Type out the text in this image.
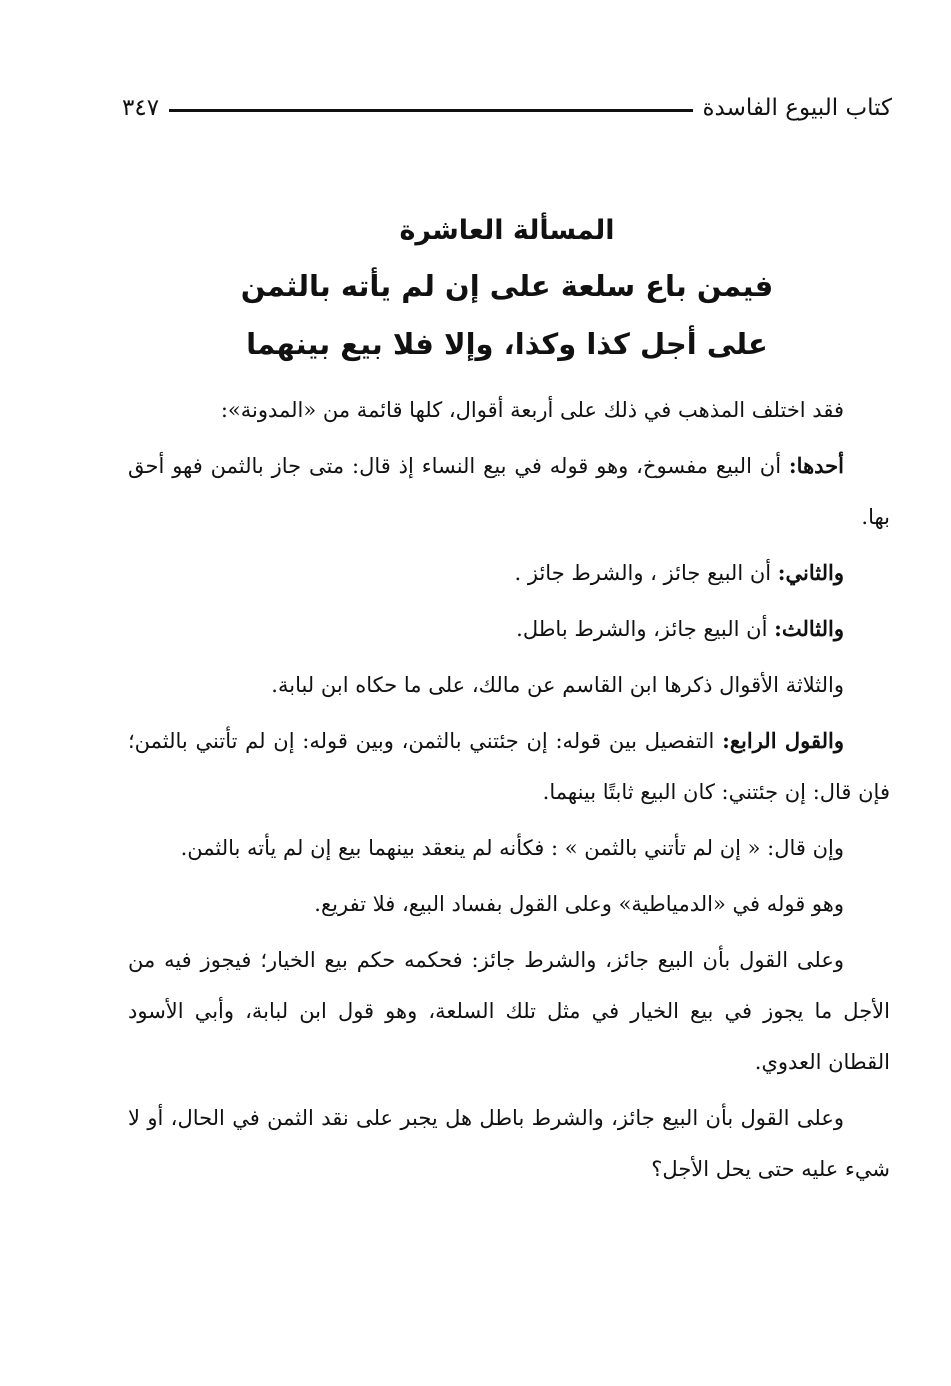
كتاب البيوع الفاسدة
٣٤٧

المسألة العاشرة

فيمن باع سلعة على إن لم يأته بالثمن

على أجل كذا وكذا، وإلا فلا بيع بينهما

فقد اختلف المذهب في ذلك على أربعة أقوال، كلها قائمة من «المدونة»:

أحدها: أن البيع مفسوخ، وهو قوله في بيع النساء إذ قال: متى جاز بالثمن فهو أحق بها.

والثاني: أن البيع جائز ، والشرط جائز .

والثالث: أن البيع جائز، والشرط باطل.

والثلاثة الأقوال ذكرها ابن القاسم عن مالك، على ما حكاه ابن لبابة.

والقول الرابع: التفصيل بين قوله: إن جئتني بالثمن، وبين قوله: إن لم تأتني بالثمن؛ فإن قال: إن جئتني: كان البيع ثابتًا بينهما.

وإن قال: « إن لم تأتني بالثمن » : فكأنه لم ينعقد بينهما بيع إن لم يأته بالثمن.

وهو قوله في «الدمياطية» وعلى القول بفساد البيع، فلا تفريع.

وعلى القول بأن البيع جائز، والشرط جائز: فحكمه حكم بيع الخيار؛ فيجوز فيه من الأجل ما يجوز في بيع الخيار في مثل تلك السلعة، وهو قول ابن لبابة، وأبي الأسود القطان العدوي.

وعلى القول بأن البيع جائز، والشرط باطل هل يجبر على نقد الثمن في الحال، أو لا شيء عليه حتى يحل الأجل؟
